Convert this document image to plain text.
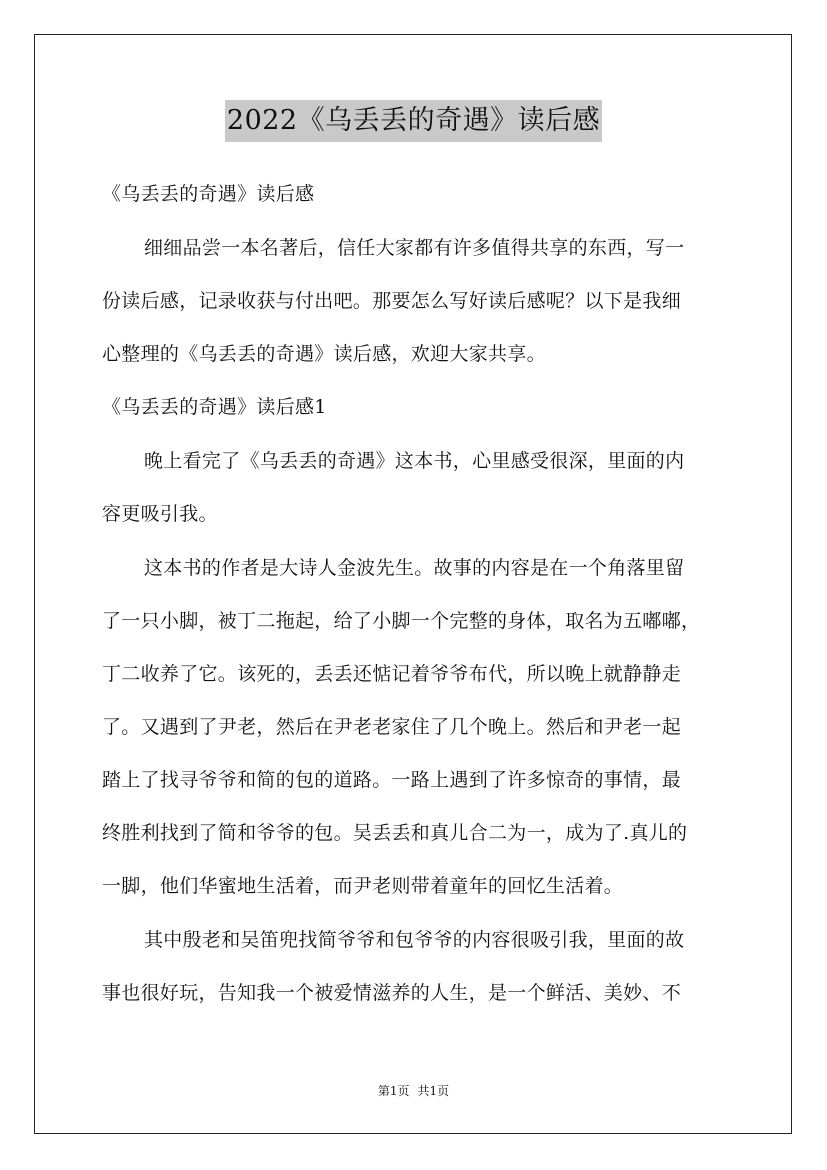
2022《乌丢丢的奇遇》读后感
《乌丢丢的奇遇》读后感
细细品尝一本名著后，信任大家都有许多值得共享的东西，写一
份读后感，记录收获与付出吧。那要怎么写好读后感呢？以下是我细
心整理的《乌丢丢的奇遇》读后感，欢迎大家共享。
《乌丢丢的奇遇》读后感1
晚上看完了《乌丢丢的奇遇》这本书，心里感受很深，里面的内
容更吸引我。
这本书的作者是大诗人金波先生。故事的内容是在一个角落里留
了一只小脚，被丁二拖起，给了小脚一个完整的身体，取名为五嘟嘟，
丁二收养了它。该死的，丢丢还惦记着爷爷布代，所以晚上就静静走
了。又遇到了尹老，然后在尹老老家住了几个晚上。然后和尹老一起
踏上了找寻爷爷和简的包的道路。一路上遇到了许多惊奇的事情，最
终胜利找到了简和爷爷的包。吴丢丢和真儿合二为一，成为了.真儿的
一脚，他们华蜜地生活着，而尹老则带着童年的回忆生活着。
其中殷老和吴笛兜找简爷爷和包爷爷的内容很吸引我，里面的故
事也很好玩，告知我一个被爱情滋养的人生，是一个鲜活、美妙、不
第1页 共1页
